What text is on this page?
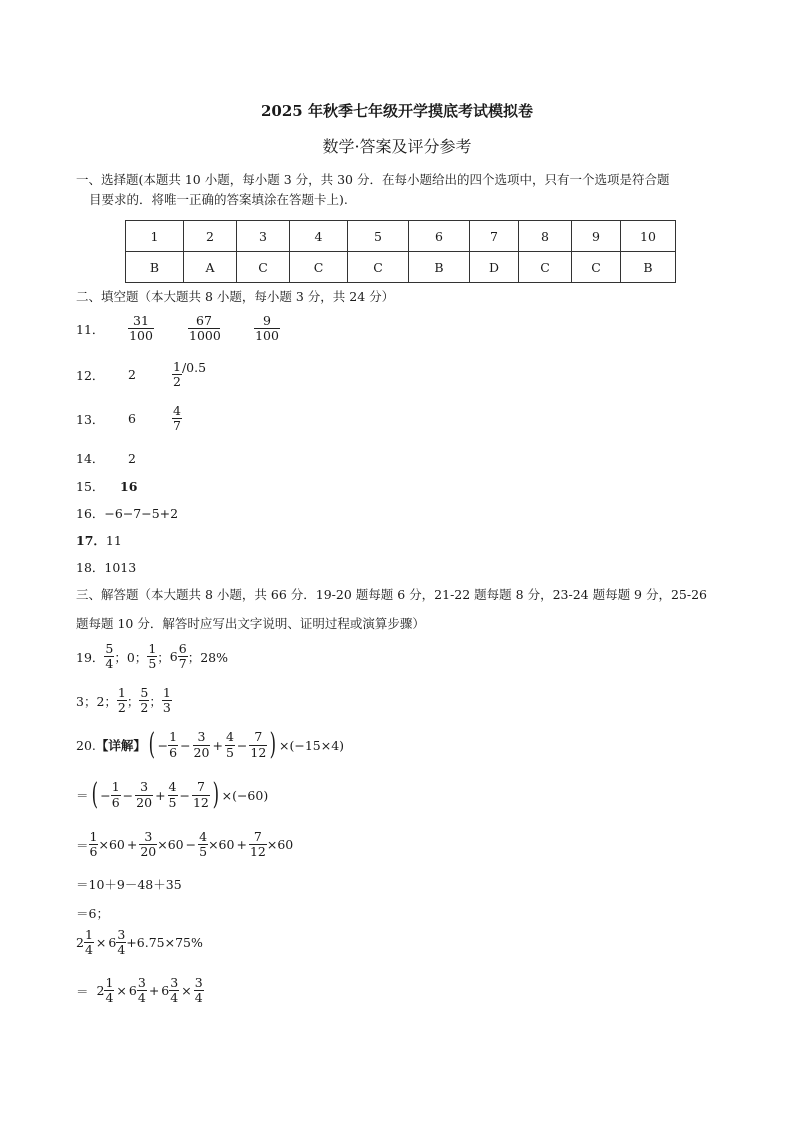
2025 年秋季七年级开学摸底考试模拟卷
数学·答案及评分参考
一、选择题(本题共 10 小题，每小题 3 分，共 30 分．在每小题给出的四个选项中，只有一个选项是符合题
目要求的．将唯一正确的答案填涂在答题卡上).
1	2	3	4	5	6	7	8	9	10
B	A	C	C	C	B	D	C	C	B
二、填空题（本大题共 8 小题，每小题 3 分，共 24 分）
11．	$\frac{31}{100}$	$\frac{67}{1000}$	$\frac{9}{100}$
12．	2	$\frac{1}{2} /0.5$
13．	6	$\frac{4}{7}$
14．	2
15．	16
16． −6−7−5+2
17． 11
18． 1013
三、解答题（本大题共 8 小题，共 66 分．19-20 题每题 6 分，21-22 题每题 8 分，23-24 题每题 9 分，25-26
题每题 10 分．解答时应写出文字说明、证明过程或演算步骤）
19． $\frac{5}{4}$ ；0； $\frac{1}{5}$ ； $6 \frac{6}{7}$ ；28%
3；2； $\frac{1}{2}$ ； $\frac{5}{2}$ ； $\frac{1}{3}$
20. 【详解】 ( − $\frac{1}{6} - \frac{3}{20} + \frac{4}{5} - \frac{7}{12}$ ) ×(−15×4)
＝ ( − $\frac{1}{6} - \frac{3}{20} + \frac{4}{5} - \frac{7}{12}$ ) ×(−60)
＝ $\frac{1}{6} \times 60 + \frac{3}{20} \times 60 - \frac{4}{5} \times 60 + \frac{7}{12} \times 60$
＝10＋9－48＋35
＝6；
$2 \frac{1}{4} \times 6 \frac{3}{4} +6.75\times 75\%$
＝ $2 \frac{1}{4} \times 6 \frac{3}{4} + 6 \frac{3}{4} \times \frac{3}{4}$
